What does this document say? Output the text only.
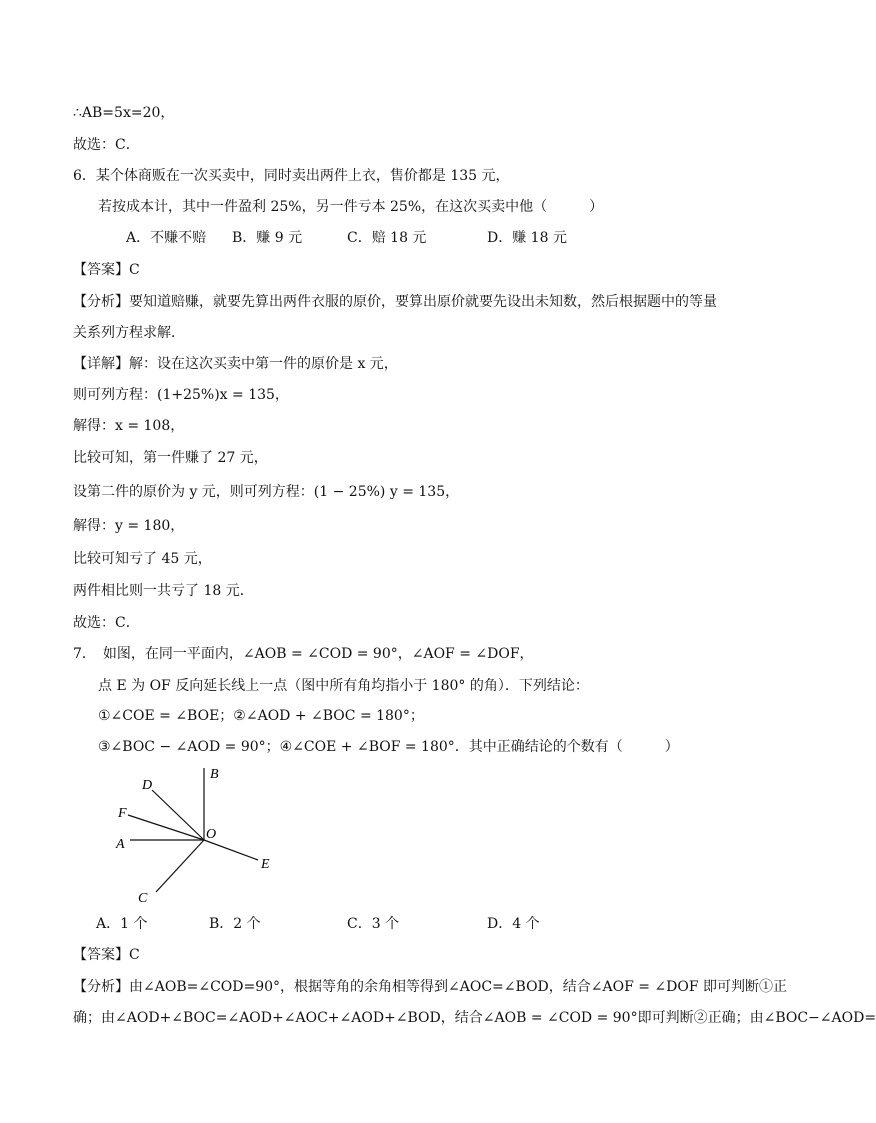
∴AB=5x=20，
故选：C．
6．某个体商贩在一次买卖中，同时卖出两件上衣，售价都是 135 元，
若按成本计，其中一件盈利 25%，另一件亏本 25%，在这次买卖中他（　　　）
A．不赚不赔 B．赚 9 元	C．赔 18 元	D．赚 18 元
【答案】C
【分析】要知道赔赚，就要先算出两件衣服的原价，要算出原价就要先设出未知数，然后根据题中的等量
关系列方程求解．
【详解】解：设在这次买卖中第一件的原价是 x 元，
则可列方程：(1+25%)x = 135，
解得：x = 108，
比较可知，第一件赚了 27 元，
设第二件的原价为 y 元，则可列方程：(1 − 25%) y = 135，
解得：y = 180，
比较可知亏了 45 元，
两件相比则一共亏了 18 元．
故选：C．
7．　如图，在同一平面内，∠AOB = ∠COD = 90°，∠AOF = ∠DOF，
点 E 为 OF 反向延长线上一点（图中所有角均指小于 180° 的角）．下列结论：
①∠COE = ∠BOE；②∠AOD + ∠BOC = 180°；
③∠BOC − ∠AOD = 90°；④∠COE + ∠BOF = 180°．其中正确结论的个数有（　　　）
B
D
F
A
O
E
C
A．1 个	B．2 个	C．3 个	D．4 个
【答案】C
【分析】由∠AOB=∠COD=90°，根据等角的余角相等得到∠AOC=∠BOD，结合∠AOF = ∠DOF 即可判断①正
确；由∠AOD+∠BOC=∠AOD+∠AOC+∠AOD+∠BOD，结合∠AOB = ∠COD = 90°即可判断②正确；由∠BOC−∠AOD=
